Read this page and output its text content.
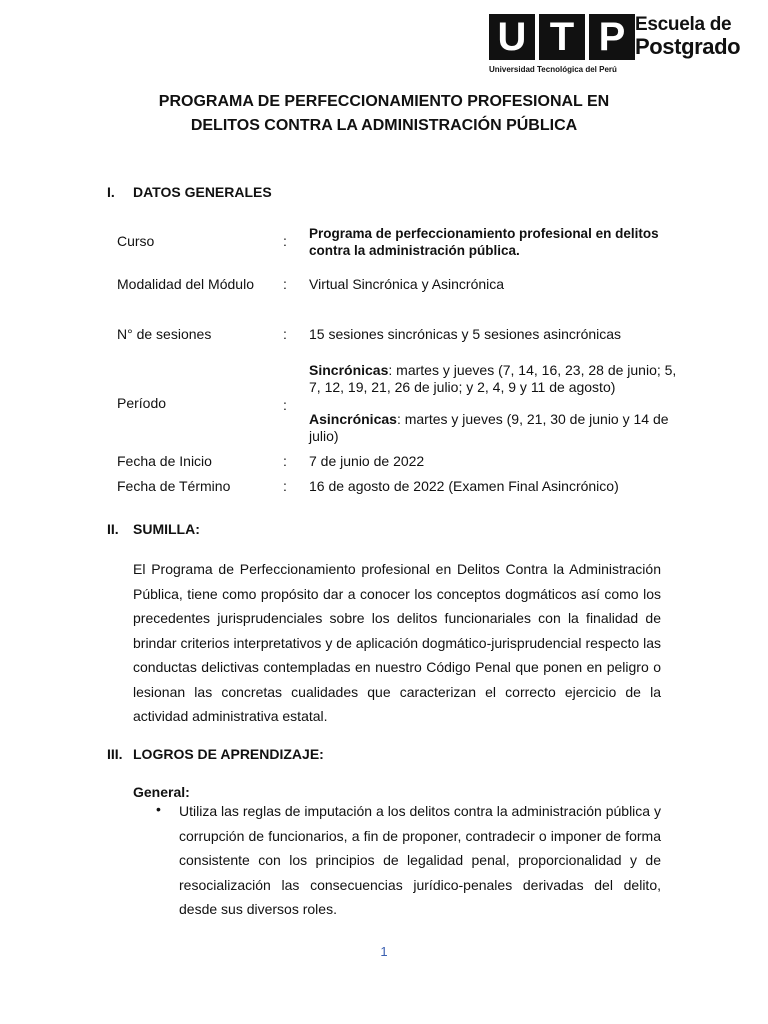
U T P Escuela de
Postgrado
Universidad Tecnológica del Perú
PROGRAMA DE PERFECCIONAMIENTO PROFESIONAL EN
DELITOS CONTRA LA ADMINISTRACIÓN PÚBLICA
I. DATOS GENERALES
Curso	: Programa de perfeccionamiento profesional en delitos contra la administración pública.
Modalidad del Módulo : Virtual Sincrónica y Asincrónica
N° de sesiones	: 15 sesiones sincrónicas y 5 sesiones asincrónicas
Período	:
Sincrónicas: martes y jueves (7, 14, 16, 23, 28 de junio; 5, 7, 12, 19, 21, 26 de julio; y 2, 4, 9 y 11 de agosto)
Asincrónicas: martes y jueves (9, 21, 30 de junio y 14 de julio)
Fecha de Inicio	: 7 de junio de 2022
Fecha de Término	: 16 de agosto de 2022 (Examen Final Asincrónico)
II. SUMILLA:
El Programa de Perfeccionamiento profesional en Delitos Contra la Administración Pública, tiene como propósito dar a conocer los conceptos dogmáticos así como los precedentes jurisprudenciales sobre los delitos funcionariales con la finalidad de brindar criterios interpretativos y de aplicación dogmático-jurisprudencial respecto las conductas delictivas contempladas en nuestro Código Penal que ponen en peligro o lesionan las concretas cualidades que caracterizan el correcto ejercicio de la actividad administrativa estatal.
III. LOGROS DE APRENDIZAJE:
General:
• Utiliza las reglas de imputación a los delitos contra la administración pública y corrupción de funcionarios, a fin de proponer, contradecir o imponer de forma consistente con los principios de legalidad penal, proporcionalidad y de resocialización las consecuencias jurídico-penales derivadas del delito, desde sus diversos roles.
1
